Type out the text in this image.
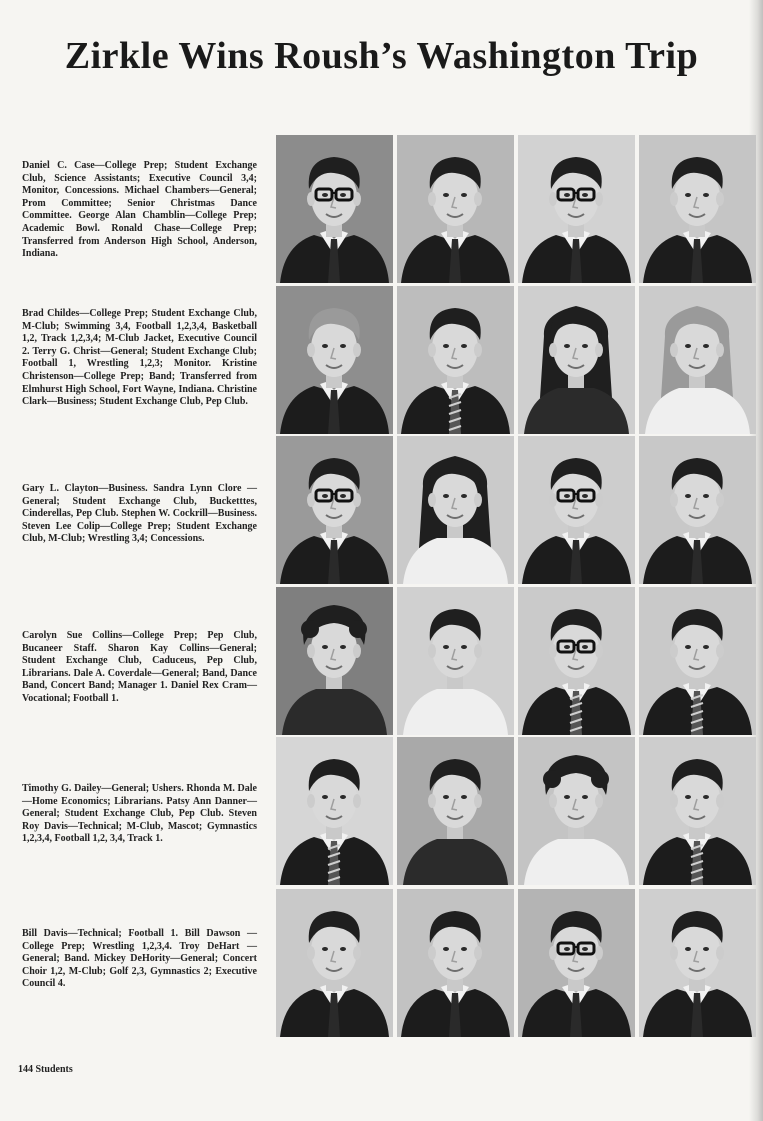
Zirkle Wins Roush’s Washington Trip
Daniel C. Case—College Prep; Student Exchange Club, Science Assistants; Executive Council 3,4; Monitor, Concessions. Michael Chambers—General; Prom Committee; Senior Christmas Dance Committee. George Alan Chamblin—College Prep; Academic Bowl. Ronald Chase—College Prep; Transferred from Anderson High School, Anderson, Indiana.
Brad Childes—College Prep; Student Exchange Club, M-Club; Swimming 3,4, Football 1,2,3,4, Basketball 1,2, Track 1,2,3,4; M-Club Jacket, Executive Council 2. Terry G. Christ—General; Student Exchange Club; Football 1, Wrestling 1,2,3; Monitor. Kristine Christenson—College Prep; Band; Transferred from Elmhurst High School, Fort Wayne, Indiana. Christine Clark—Business; Student Exchange Club, Pep Club.
Gary L. Clayton—Business. Sandra Lynn Clore —General; Student Exchange Club, Bucketttes, Cinderellas, Pep Club. Stephen W. Cockrill—Business. Steven Lee Colip—College Prep; Student Exchange Club, M-Club; Wrestling 3,4; Concessions.
Carolyn Sue Collins—College Prep; Pep Club, Bucaneer Staff. Sharon Kay Collins—General; Student Exchange Club, Caduceus, Pep Club, Librarians. Dale A. Coverdale—General; Band, Dance Band, Concert Band; Manager 1. Daniel Rex Cram—Vocational; Football 1.
Timothy G. Dailey—General; Ushers. Rhonda M. Dale—Home Economics; Librarians. Patsy Ann Danner—General; Student Exchange Club, Pep Club. Steven Roy Davis—Technical; M-Club, Mascot; Gymnastics 1,2,3,4, Football 1,2, 3,4, Track 1.
Bill Davis—Technical; Football 1. Bill Dawson —College Prep; Wrestling 1,2,3,4. Troy DeHart —General; Band. Mickey DeHority—General; Concert Choir 1,2, M-Club; Golf 2,3, Gymnastics 2; Executive Council 4.
144 Students
